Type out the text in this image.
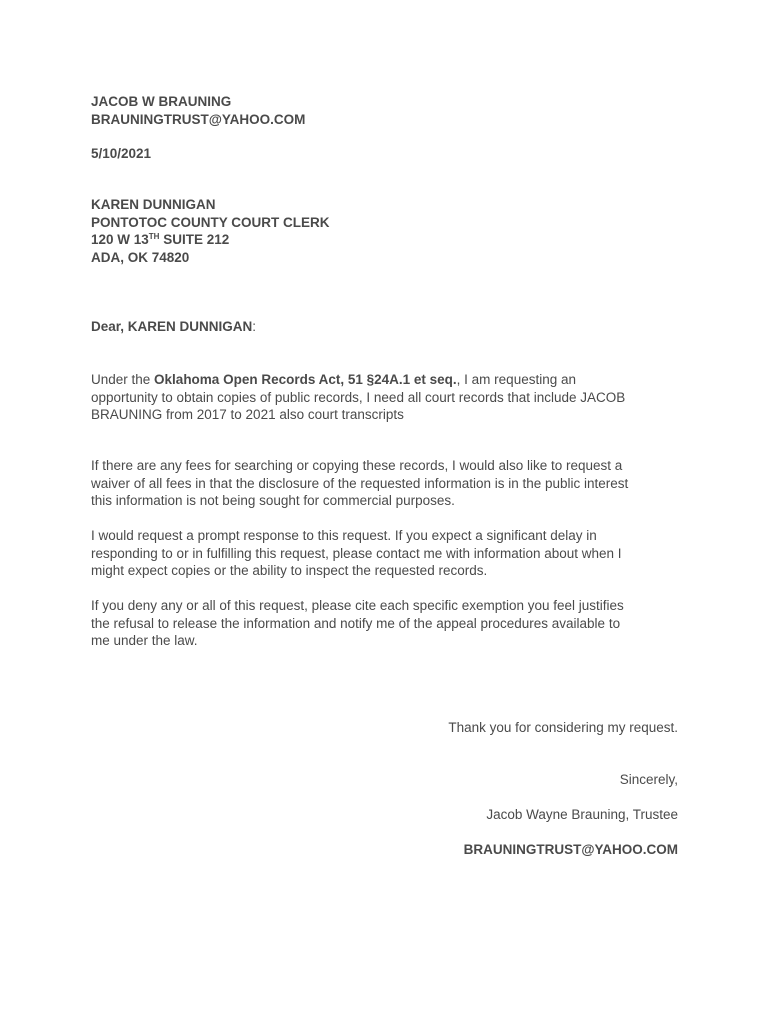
JACOB W BRAUNING
BRAUNINGTRUST@YAHOO.COM
5/10/2021
KAREN DUNNIGAN
PONTOTOC COUNTY COURT CLERK
120 W 13TH SUITE 212
ADA, OK 74820
Dear, KAREN DUNNIGAN:
Under the Oklahoma Open Records Act, 51 §24A.1 et seq., I am requesting an
opportunity to obtain copies of public records, I need all court records that include JACOB
BRAUNING from 2017 to 2021 also court transcripts
If there are any fees for searching or copying these records, I would also like to request a
waiver of all fees in that the disclosure of the requested information is in the public interest
this information is not being sought for commercial purposes.
I would request a prompt response to this request. If you expect a significant delay in
responding to or in fulfilling this request, please contact me with information about when I
might expect copies or the ability to inspect the requested records.
If you deny any or all of this request, please cite each specific exemption you feel justifies
the refusal to release the information and notify me of the appeal procedures available to
me under the law.
Thank you for considering my request.
Sincerely,
Jacob Wayne Brauning, Trustee
BRAUNINGTRUST@YAHOO.COM
